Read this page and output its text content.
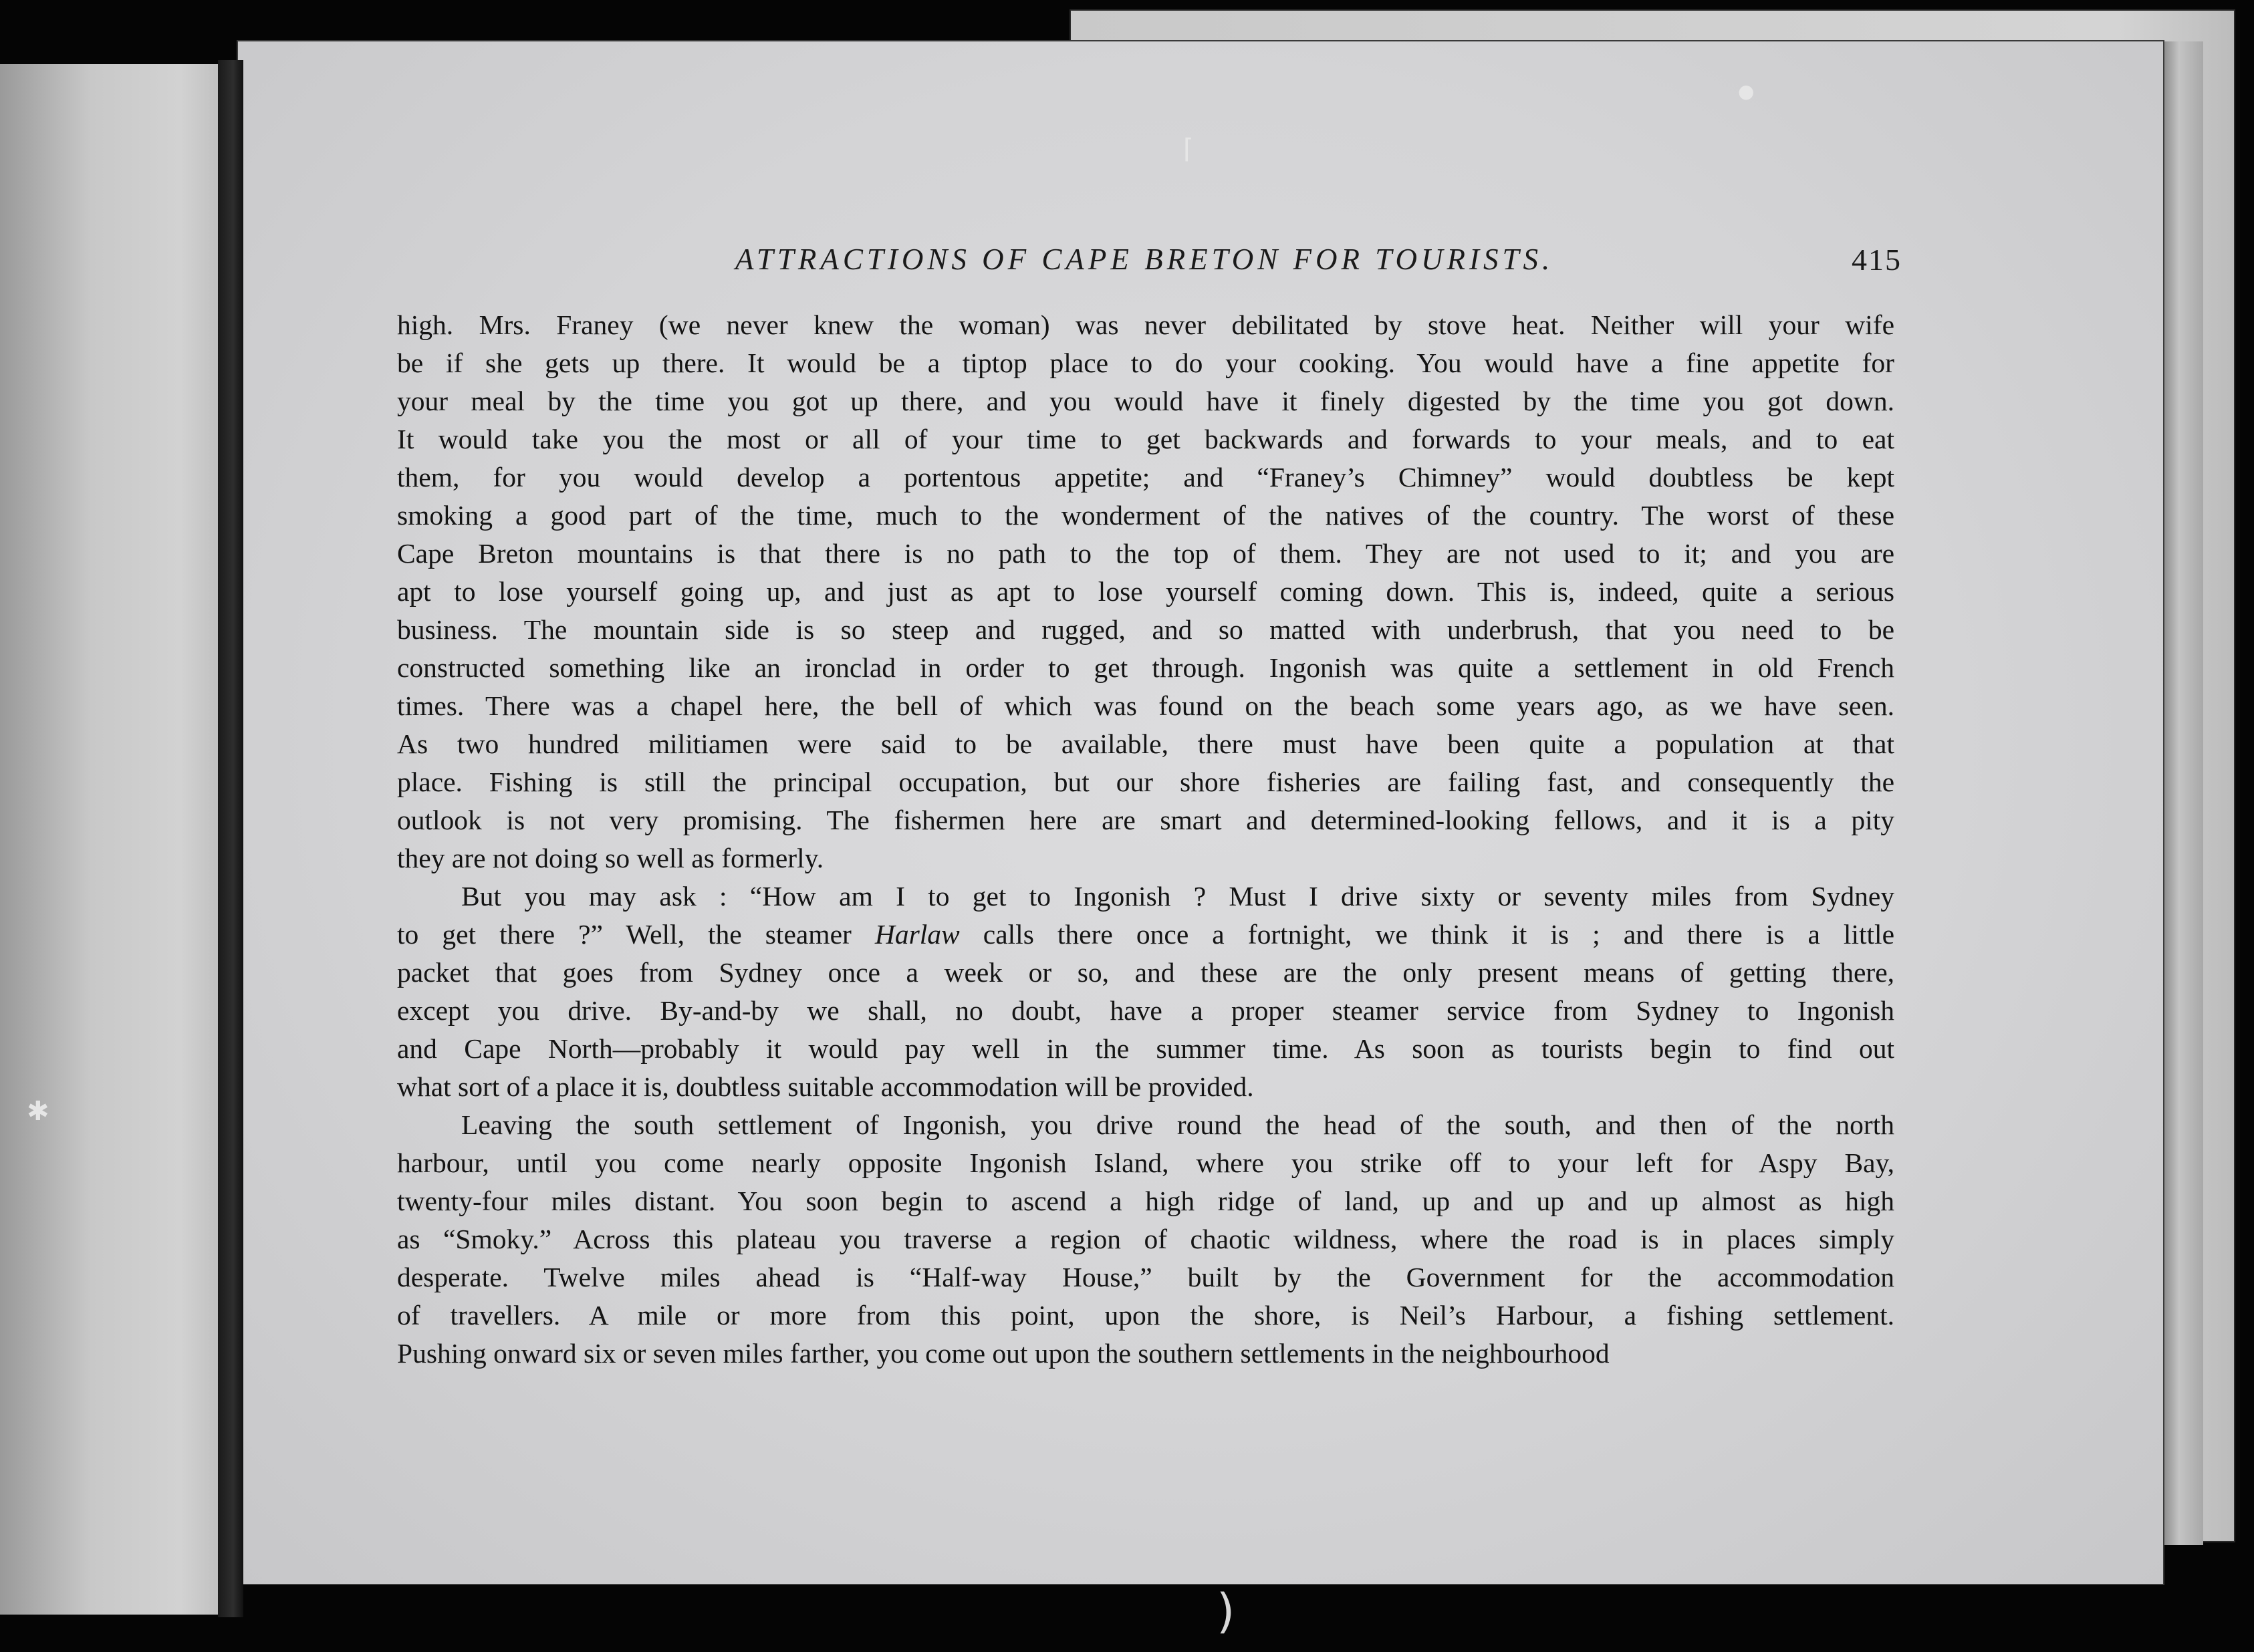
ATTRACTIONS OF CAPE BRETON FOR TOURISTS.	415
high. Mrs. Franey (we never knew the woman) was never debilitated by stove heat. Neither will your wife
be if she gets up there. It would be a tiptop place to do your cooking. You would have a fine appetite for
your meal by the time you got up there, and you would have it finely digested by the time you got down.
It would take you the most or all of your time to get backwards and forwards to your meals, and to eat
them, for you would develop a portentous appetite; and “Franey’s Chimney” would doubtless be kept
smoking a good part of the time, much to the wonderment of the natives of the country. The worst of these
Cape Breton mountains is that there is no path to the top of them. They are not used to it; and you are
apt to lose yourself going up, and just as apt to lose yourself coming down. This is, indeed, quite a serious
business. The mountain side is so steep and rugged, and so matted with underbrush, that you need to be
constructed something like an ironclad in order to get through. Ingonish was quite a settlement in old French
times. There was a chapel here, the bell of which was found on the beach some years ago, as we have seen.
As two hundred militiamen were said to be available, there must have been quite a population at that
place. Fishing is still the principal occupation, but our shore fisheries are failing fast, and consequently the
outlook is not very promising. The fishermen here are smart and determined-looking fellows, and it is a pity
they are not doing so well as formerly.
But you may ask : “How am I to get to Ingonish ? Must I drive sixty or seventy miles from Sydney
to get there ?” Well, the steamer Harlaw calls there once a fortnight, we think it is ; and there is a little
packet that goes from Sydney once a week or so, and these are the only present means of getting there,
except you drive. By-and-by we shall, no doubt, have a proper steamer service from Sydney to Ingonish
and Cape North—probably it would pay well in the summer time. As soon as tourists begin to find out
what sort of a place it is, doubtless suitable accommodation will be provided.
Leaving the south settlement of Ingonish, you drive round the head of the south, and then of the north
harbour, until you come nearly opposite Ingonish Island, where you strike off to your left for Aspy Bay,
twenty-four miles distant. You soon begin to ascend a high ridge of land, up and up and up almost as high
as “Smoky.” Across this plateau you traverse a region of chaotic wildness, where the road is in places simply
desperate. Twelve miles ahead is “Half-way House,” built by the Government for the accommodation
of travellers. A mile or more from this point, upon the shore, is Neil’s Harbour, a fishing settlement.
Pushing onward six or seven miles farther, you come out upon the southern settlements in the neighbourhood
⌈
●
✱
)
